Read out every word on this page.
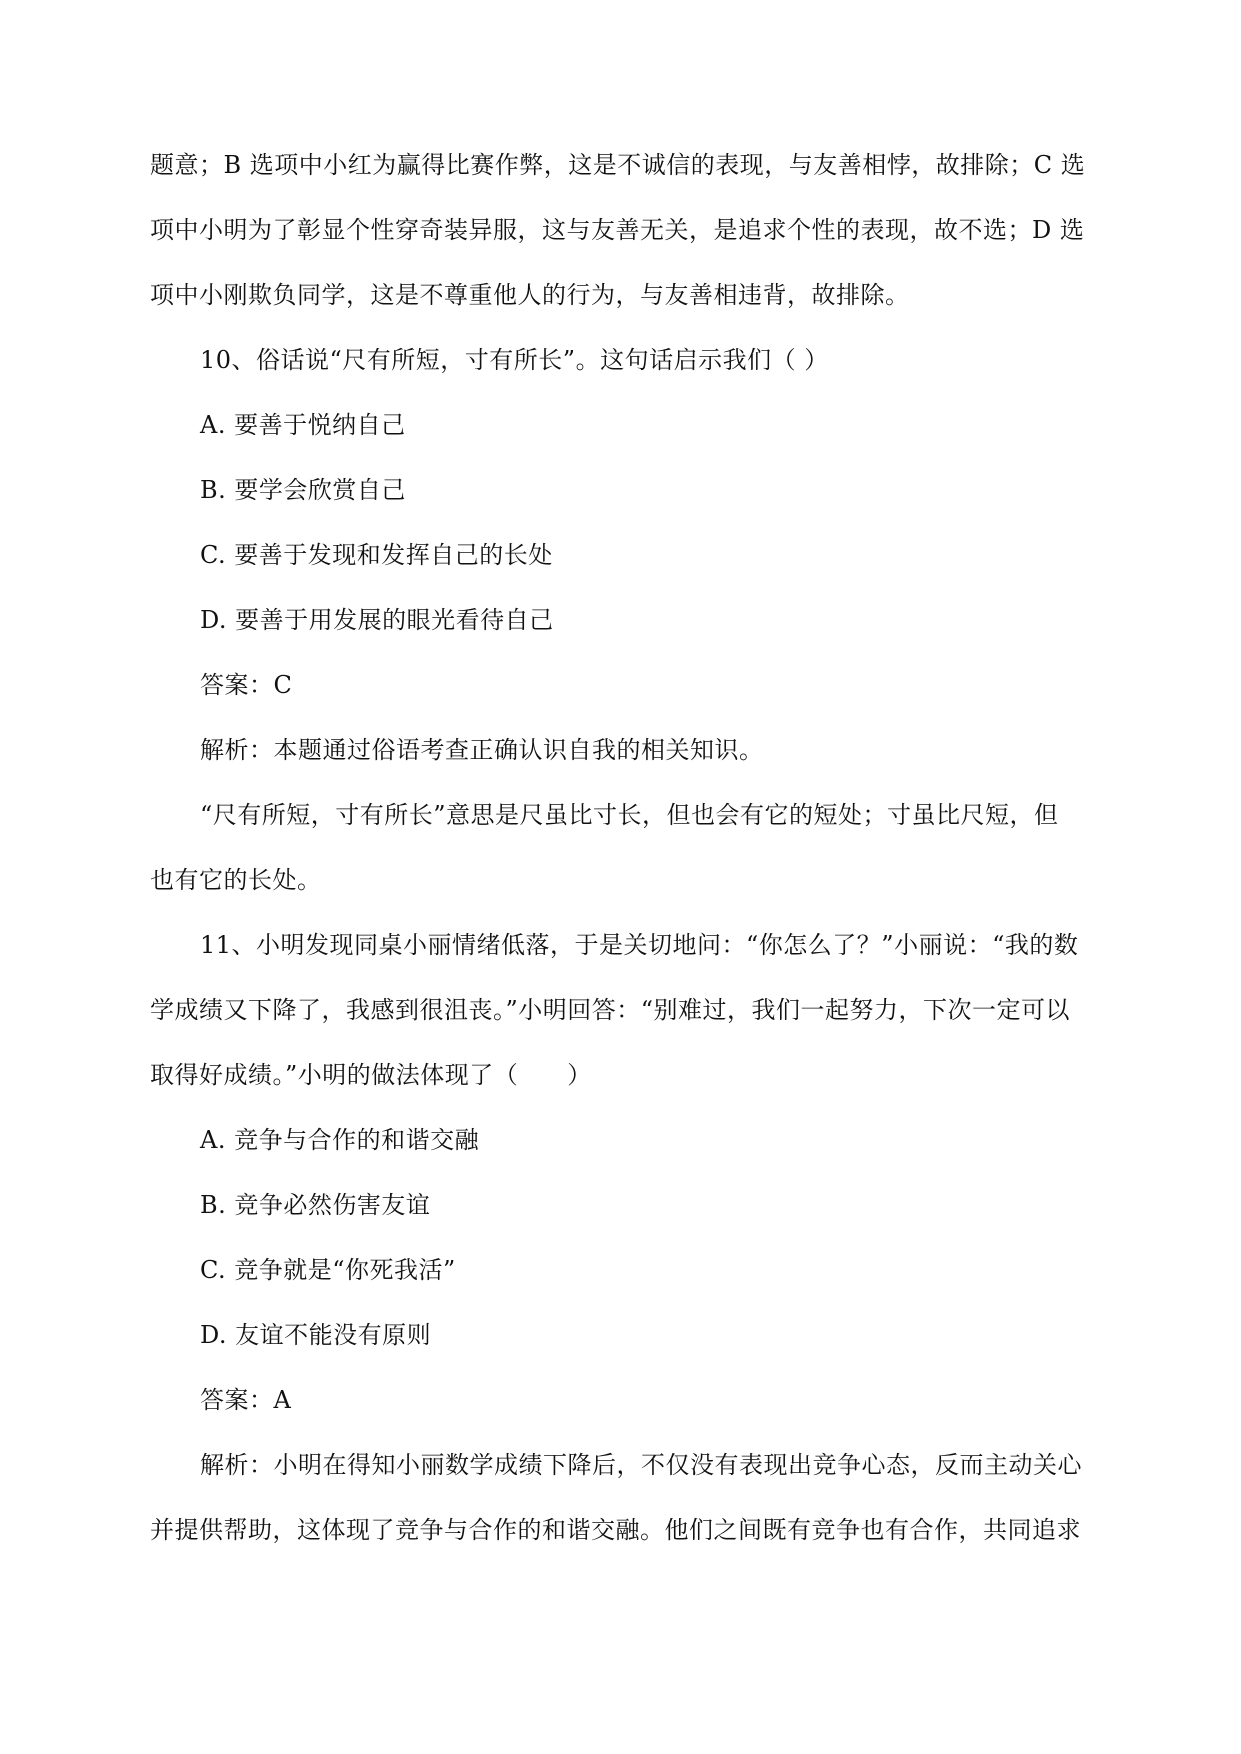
题意；B 选项中小红为赢得比赛作弊，这是不诚信的表现，与友善相悖，故排除；C 选
项中小明为了彰显个性穿奇装异服，这与友善无关，是追求个性的表现，故不选；D 选
项中小刚欺负同学，这是不尊重他人的行为，与友善相违背，故排除。
10、俗话说“尺有所短，寸有所长”。这句话启示我们（ ）
A. 要善于悦纳自己
B. 要学会欣赏自己
C. 要善于发现和发挥自己的长处
D. 要善于用发展的眼光看待自己
答案：C
解析：本题通过俗语考查正确认识自我的相关知识。
“尺有所短，寸有所长”意思是尺虽比寸长，但也会有它的短处；寸虽比尺短，但
也有它的长处。
11、小明发现同桌小丽情绪低落，于是关切地问：“你怎么了？”小丽说：“我的数
学成绩又下降了，我感到很沮丧。”小明回答：“别难过，我们一起努力，下次一定可以
取得好成绩。”小明的做法体现了（　　）
A. 竞争与合作的和谐交融
B. 竞争必然伤害友谊
C. 竞争就是“你死我活”
D. 友谊不能没有原则
答案：A
解析：小明在得知小丽数学成绩下降后，不仅没有表现出竞争心态，反而主动关心
并提供帮助，这体现了竞争与合作的和谐交融。他们之间既有竞争也有合作，共同追求
